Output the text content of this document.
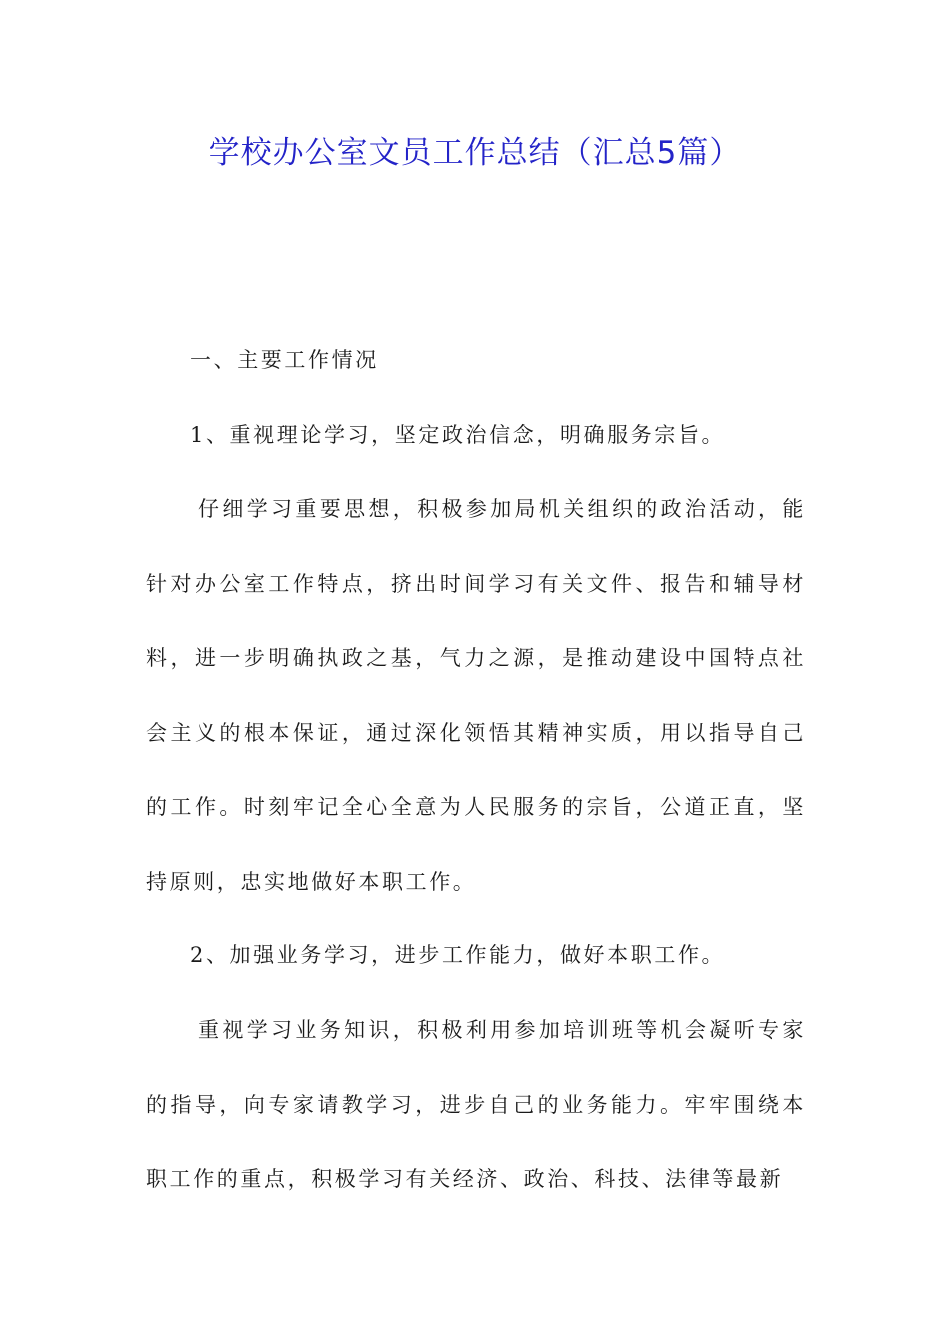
学校办公室文员工作总结（汇总5篇）

一、主要工作情况

1、重视理论学习，坚定政治信念，明确服务宗旨。

仔细学习重要思想，积极参加局机关组织的政治活动，能针对办公室工作特点，挤出时间学习有关文件、报告和辅导材料，进一步明确执政之基，气力之源，是推动建设中国特点社会主义的根本保证，通过深化领悟其精神实质，用以指导自己的工作。时刻牢记全心全意为人民服务的宗旨，公道正直，坚持原则，忠实地做好本职工作。

2、加强业务学习，进步工作能力，做好本职工作。

重视学习业务知识，积极利用参加培训班等机会凝听专家的指导，向专家请教学习，进步自己的业务能力。牢牢围绕本职工作的重点，积极学习有关经济、政治、科技、法律等最新
